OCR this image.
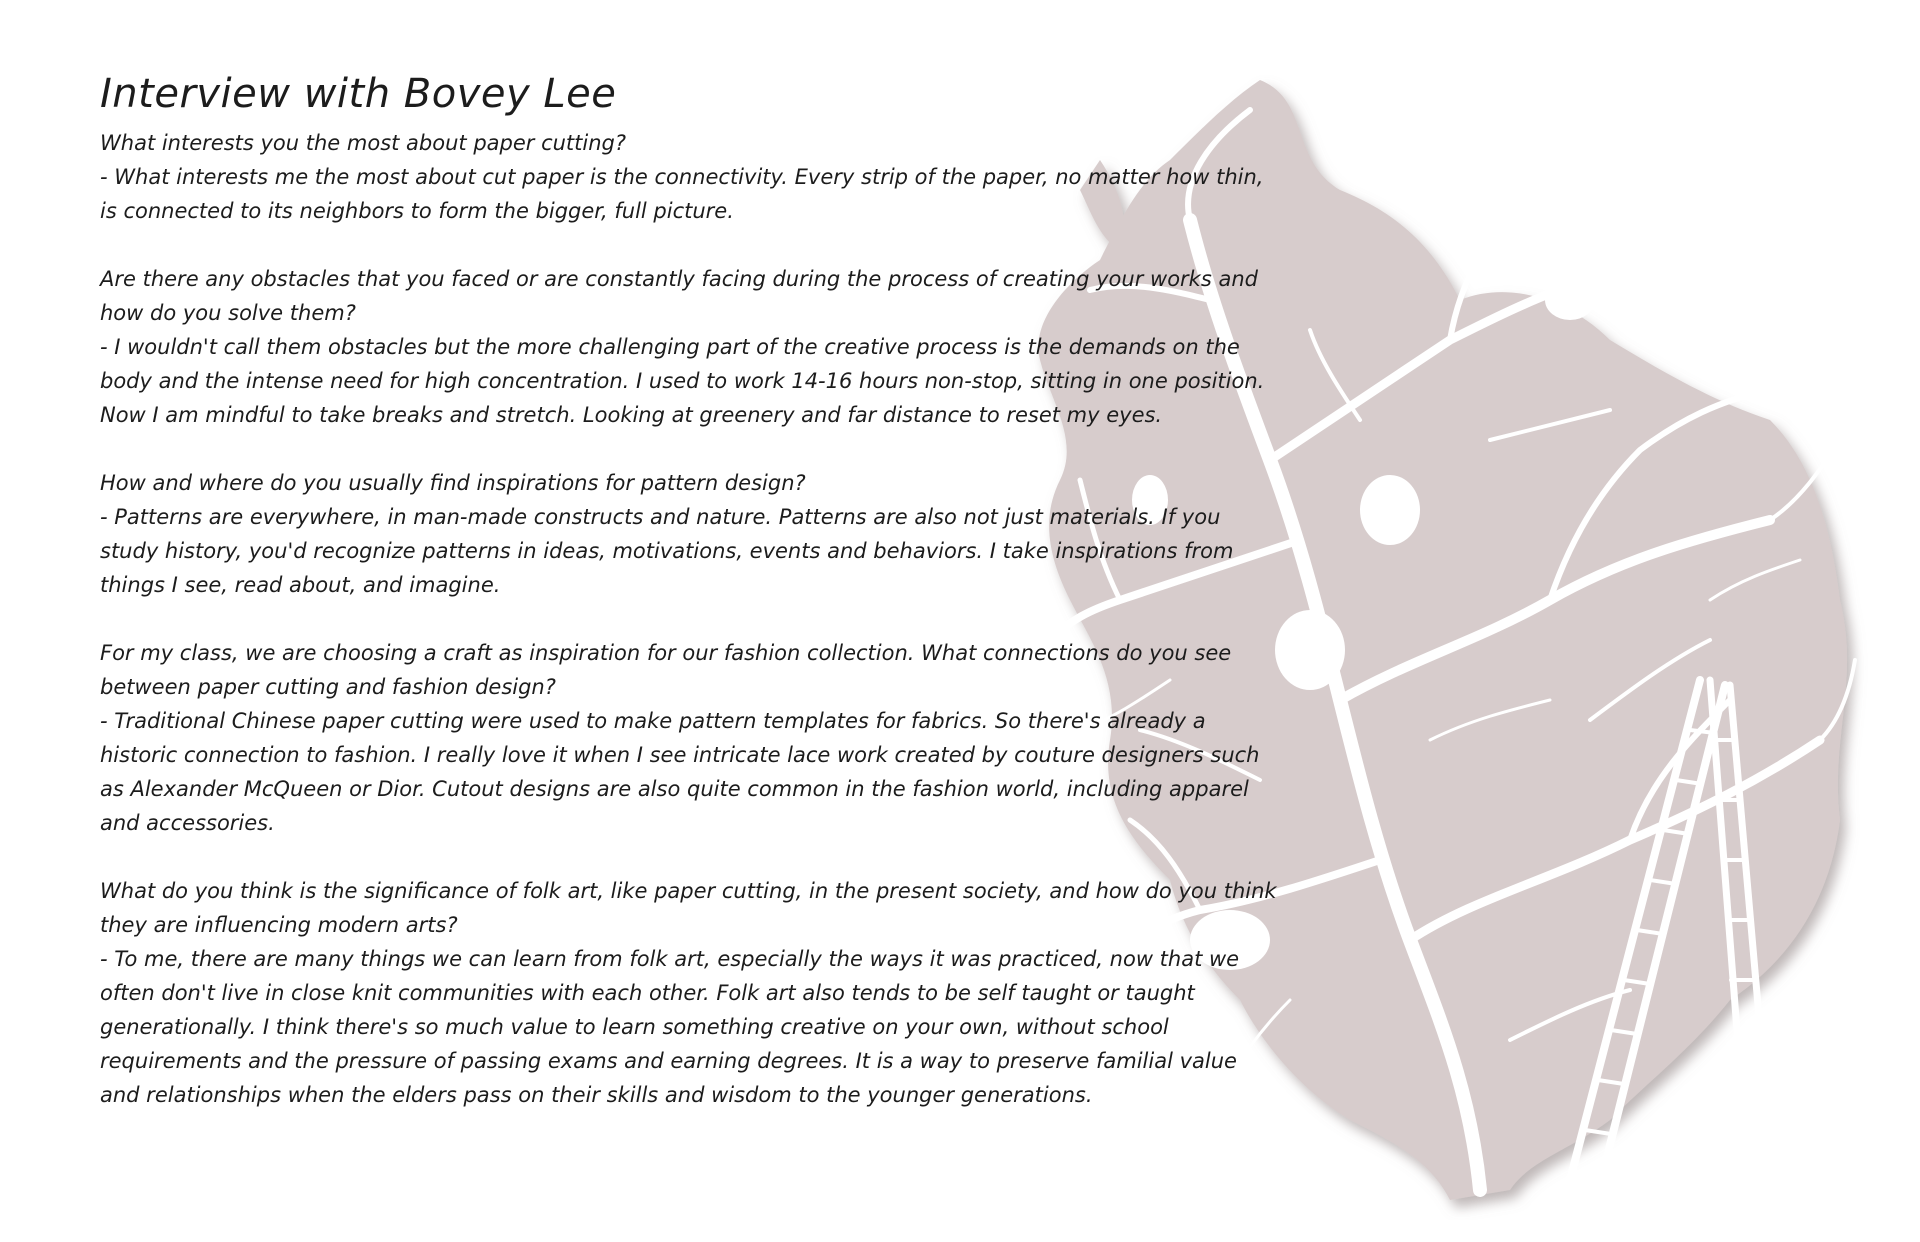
Interview with Bovey Lee

What interests you the most about paper cutting?

- What interests me the most about cut paper is the connectivity. Every strip of the paper, no matter how thin, is connected to its neighbors to form the bigger, full picture.

Are there any obstacles that you faced or are constantly facing during the process of creating your works and how do you solve them?

- I wouldn't call them obstacles but the more challenging part of the creative process is the demands on the body and the intense need for high concentration. I used to work 14-16 hours non-stop, sitting in one position. Now I am mindful to take breaks and stretch. Looking at greenery and far distance to reset my eyes.

How and where do you usually find inspirations for pattern design?

- Patterns are everywhere, in man-made constructs and nature. Patterns are also not just materials. If you study history, you'd recognize patterns in ideas, motivations, events and behaviors. I take inspirations from things I see, read about, and imagine.

For my class, we are choosing a craft as inspiration for our fashion collection. What connections do you see between paper cutting and fashion design?

- Traditional Chinese paper cutting were used to make pattern templates for fabrics. So there's already a historic connection to fashion. I really love it when I see intricate lace work created by couture designers such as Alexander McQueen or Dior. Cutout designs are also quite common in the fashion world, including apparel and accessories.

What do you think is the significance of folk art, like paper cutting, in the present society, and how do you think they are influencing modern arts?

- To me, there are many things we can learn from folk art, especially the ways it was practiced, now that we often don't live in close knit communities with each other. Folk art also tends to be self taught or taught generationally. I think there's so much value to learn something creative on your own, without school requirements and the pressure of passing exams and earning degrees. It is a way to preserve familial value and relationships when the elders pass on their skills and wisdom to the younger generations.
